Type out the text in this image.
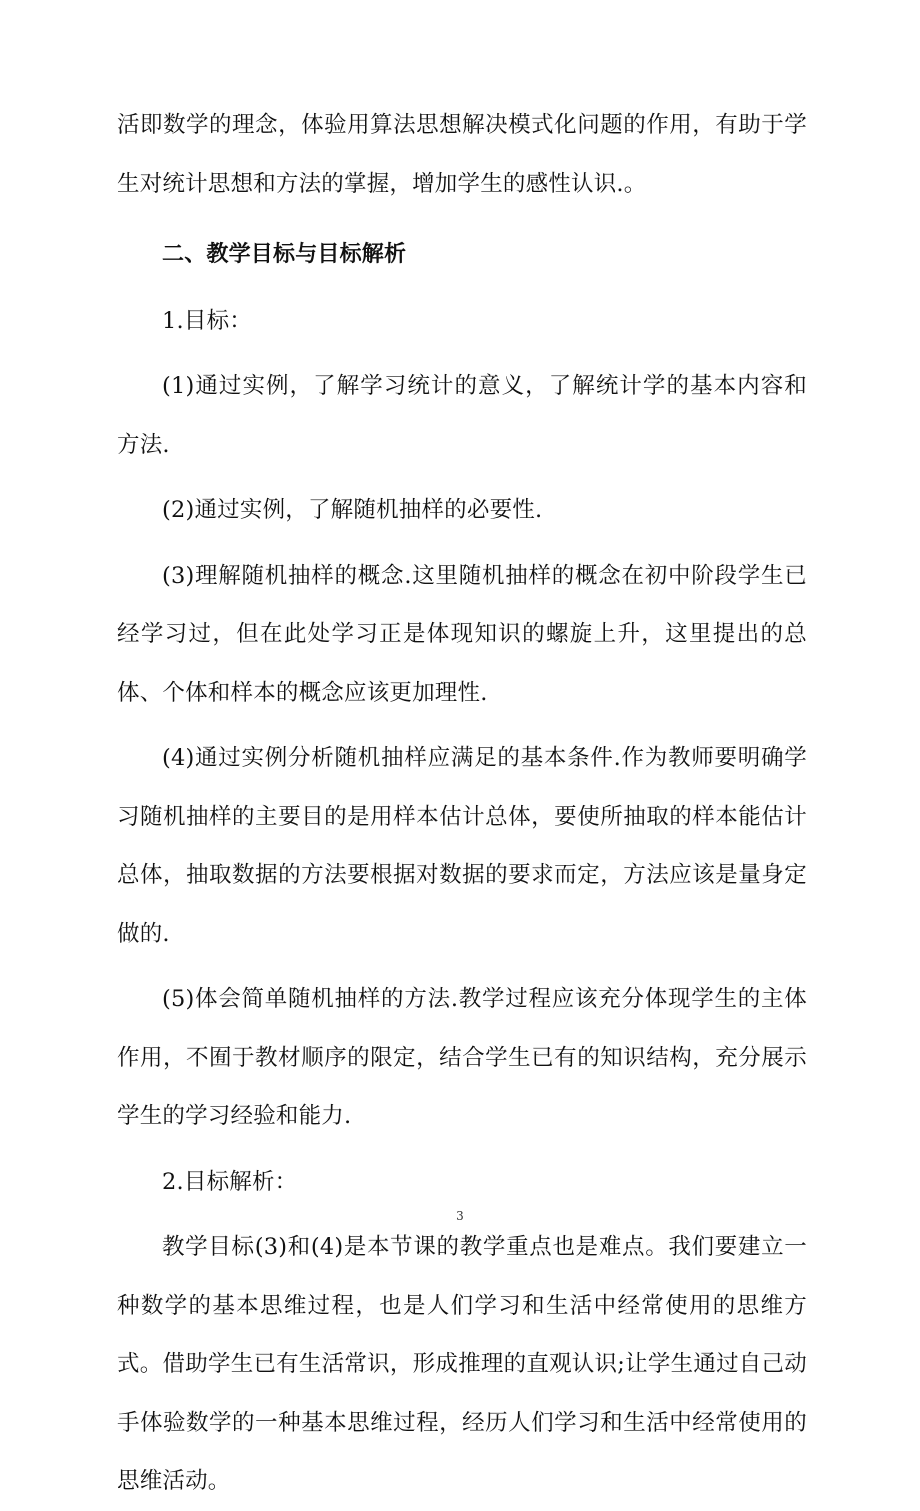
活即数学的理念，体验用算法思想解决模式化问题的作用，有助于学生对统计思想和方法的掌握，增加学生的感性认识.。

二、教学目标与目标解析

1.目标：

(1)通过实例，了解学习统计的意义，了解统计学的基本内容和方法.

(2)通过实例，了解随机抽样的必要性.

(3)理解随机抽样的概念.这里随机抽样的概念在初中阶段学生已经学习过，但在此处学习正是体现知识的螺旋上升，这里提出的总体、个体和样本的概念应该更加理性.

(4)通过实例分析随机抽样应满足的基本条件.作为教师要明确学习随机抽样的主要目的是用样本估计总体，要使所抽取的样本能估计总体，抽取数据的方法要根据对数据的要求而定，方法应该是量身定做的.

(5)体会简单随机抽样的方法.教学过程应该充分体现学生的主体作用，不囿于教材顺序的限定，结合学生已有的知识结构，充分展示学生的学习经验和能力.

2.目标解析：

教学目标(3)和(4)是本节课的教学重点也是难点。我们要建立一种数学的基本思维过程，也是人们学习和生活中经常使用的思维方式。借助学生已有生活常识，形成推理的直观认识;让学生通过自己动手体验数学的一种基本思维过程，经历人们学习和生活中经常使用的思维活动。

3
